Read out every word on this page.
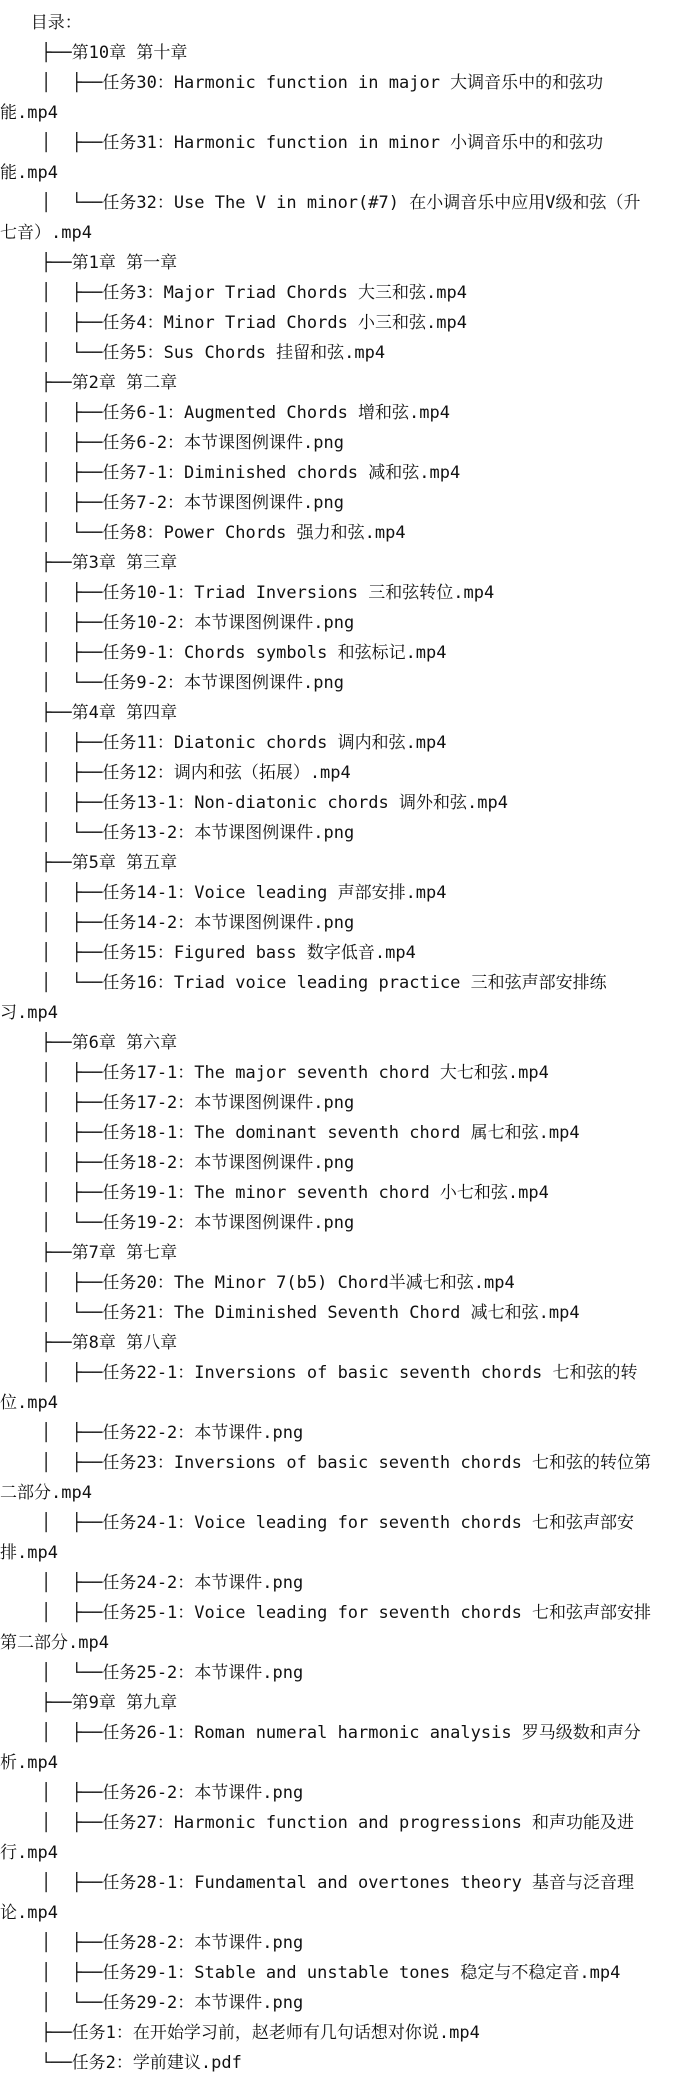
目录：
├──第10章 第十章
│  ├──任务30：Harmonic function in major 大调音乐中的和弦功
能.mp4
│  ├──任务31：Harmonic function in minor 小调音乐中的和弦功
能.mp4
│  └──任务32：Use The V in minor(#7) 在小调音乐中应用V级和弦（升
七音）.mp4
├──第1章 第一章
│  ├──任务3：Major Triad Chords 大三和弦.mp4
│  ├──任务4：Minor Triad Chords 小三和弦.mp4
│  └──任务5：Sus Chords 挂留和弦.mp4
├──第2章 第二章
│  ├──任务6-1：Augmented Chords 增和弦.mp4
│  ├──任务6-2：本节课图例课件.png
│  ├──任务7-1：Diminished chords 减和弦.mp4
│  ├──任务7-2：本节课图例课件.png
│  └──任务8：Power Chords 强力和弦.mp4
├──第3章 第三章
│  ├──任务10-1：Triad Inversions 三和弦转位.mp4
│  ├──任务10-2：本节课图例课件.png
│  ├──任务9-1：Chords symbols 和弦标记.mp4
│  └──任务9-2：本节课图例课件.png
├──第4章 第四章
│  ├──任务11：Diatonic chords 调内和弦.mp4
│  ├──任务12：调内和弦（拓展）.mp4
│  ├──任务13-1：Non-diatonic chords 调外和弦.mp4
│  └──任务13-2：本节课图例课件.png
├──第5章 第五章
│  ├──任务14-1：Voice leading 声部安排.mp4
│  ├──任务14-2：本节课图例课件.png
│  ├──任务15：Figured bass 数字低音.mp4
│  └──任务16：Triad voice leading practice 三和弦声部安排练
习.mp4
├──第6章 第六章
│  ├──任务17-1：The major seventh chord 大七和弦.mp4
│  ├──任务17-2：本节课图例课件.png
│  ├──任务18-1：The dominant seventh chord 属七和弦.mp4
│  ├──任务18-2：本节课图例课件.png
│  ├──任务19-1：The minor seventh chord 小七和弦.mp4
│  └──任务19-2：本节课图例课件.png
├──第7章 第七章
│  ├──任务20：The Minor 7(b5) Chord半减七和弦.mp4
│  └──任务21：The Diminished Seventh Chord 减七和弦.mp4
├──第8章 第八章
│  ├──任务22-1：Inversions of basic seventh chords 七和弦的转
位.mp4
│  ├──任务22-2：本节课件.png
│  ├──任务23：Inversions of basic seventh chords 七和弦的转位第
二部分.mp4
│  ├──任务24-1：Voice leading for seventh chords 七和弦声部安
排.mp4
│  ├──任务24-2：本节课件.png
│  ├──任务25-1：Voice leading for seventh chords 七和弦声部安排
第二部分.mp4
│  └──任务25-2：本节课件.png
├──第9章 第九章
│  ├──任务26-1：Roman numeral harmonic analysis 罗马级数和声分
析.mp4
│  ├──任务26-2：本节课件.png
│  ├──任务27：Harmonic function and progressions 和声功能及进
行.mp4
│  ├──任务28-1：Fundamental and overtones theory 基音与泛音理
论.mp4
│  ├──任务28-2：本节课件.png
│  ├──任务29-1：Stable and unstable tones 稳定与不稳定音.mp4
│  └──任务29-2：本节课件.png
├──任务1：在开始学习前，赵老师有几句话想对你说.mp4
└──任务2：学前建议.pdf
